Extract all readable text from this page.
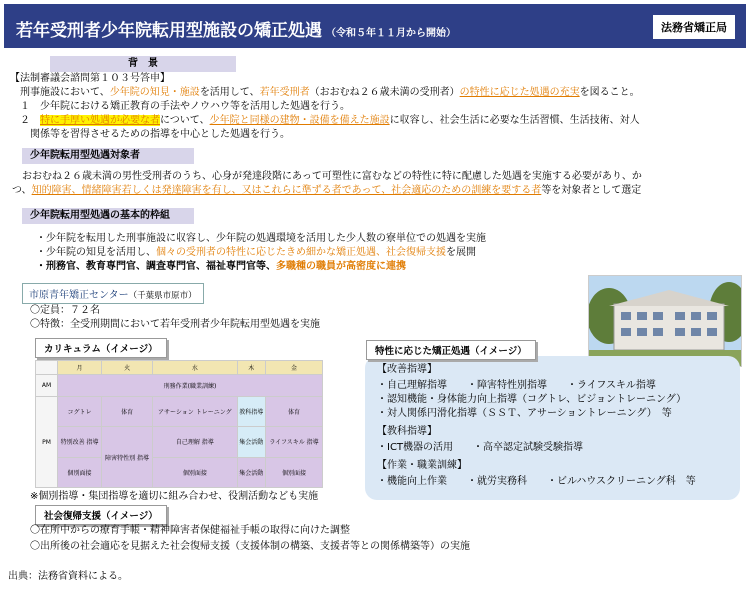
若年受刑者少年院転用型施設の矯正処遇 （令和５年１１月から開始）	法務省矯正局
背　景
【法制審議会諮問第１０３号答申】
　刑事施設において、少年院の知見・施設を活用して、若年受刑者（おおむね２６歳未満の受刑者）の特性に応じた処遇の充実を図ること。
　１　少年院における矯正教育の手法やノウハウ等を活用した処遇を行う。
　２　特に手厚い処遇が必要な者について、少年院と同様の建物・設備を備えた施設に収容し、社会生活に必要な生活習慣、生活技術、対人
　　関係等を習得させるための指導を中心とした処遇を行う。
少年院転用型処遇対象者
　おおむね２６歳未満の男性受刑者のうち、心身が発達段階にあって可塑性に富むなどの特性に特に配慮した処遇を実施する必要があり、か
つ、知的障害、情緒障害若しくは発達障害を有し、又はこれらに準ずる者であって、社会適応のための訓練を要する者等を対象者として選定
少年院転用型処遇の基本的枠組
・少年院を転用した刑事施設に収容し、少年院の処遇環境を活用した少人数の寮単位での処遇を実施
・少年院の知見を活用し、個々の受刑者の特性に応じたきめ細かな矯正処遇、社会復帰支援を展開
・刑務官、教育専門官、調査専門官、福祉専門官等、多職種の職員が高密度に連携
市原青年矯正センター（千葉県市原市）
〇定員：７２名
〇特徴：全受刑期間において若年受刑者少年院転用型処遇を実施
カリキュラム（イメージ）
	月	火	水	木	金
AM	刑務作業(職業訓練)				
PM	コグトレ	体育	アサーション トレーニング	教科指導	体育
	特別改善 指導	障害特性別 指導	自己理解 指導	集会活動	ライフスキル 指導
	個別面接		個別面接	集会活動	個別面接
※個別指導・集団指導を適切に組み合わせ、役割活動なども実施
社会復帰支援（イメージ）
〇在所中からの療育手帳・精神障害者保健福祉手帳の取得に向けた調整
〇出所後の社会適応を見据えた社会復帰支援（支援体制の構築、支援者等との関係構築等）の実施
【改善指導】
・自己理解指導　　・障害特性別指導　　・ライフスキル指導
・認知機能・身体能力向上指導（コグトレ、ビジョントレーニング）
・対人関係円滑化指導（ＳＳＴ、アサーショントレーニング）　等
【教科指導】
・ICT機器の活用　　・高卒認定試験受験指導
【作業・職業訓練】
・機能向上作業　　・就労実務科　　・ビルハウスクリーニング科　等
特性に応じた矯正処遇（イメージ）
出典：法務省資料による。
